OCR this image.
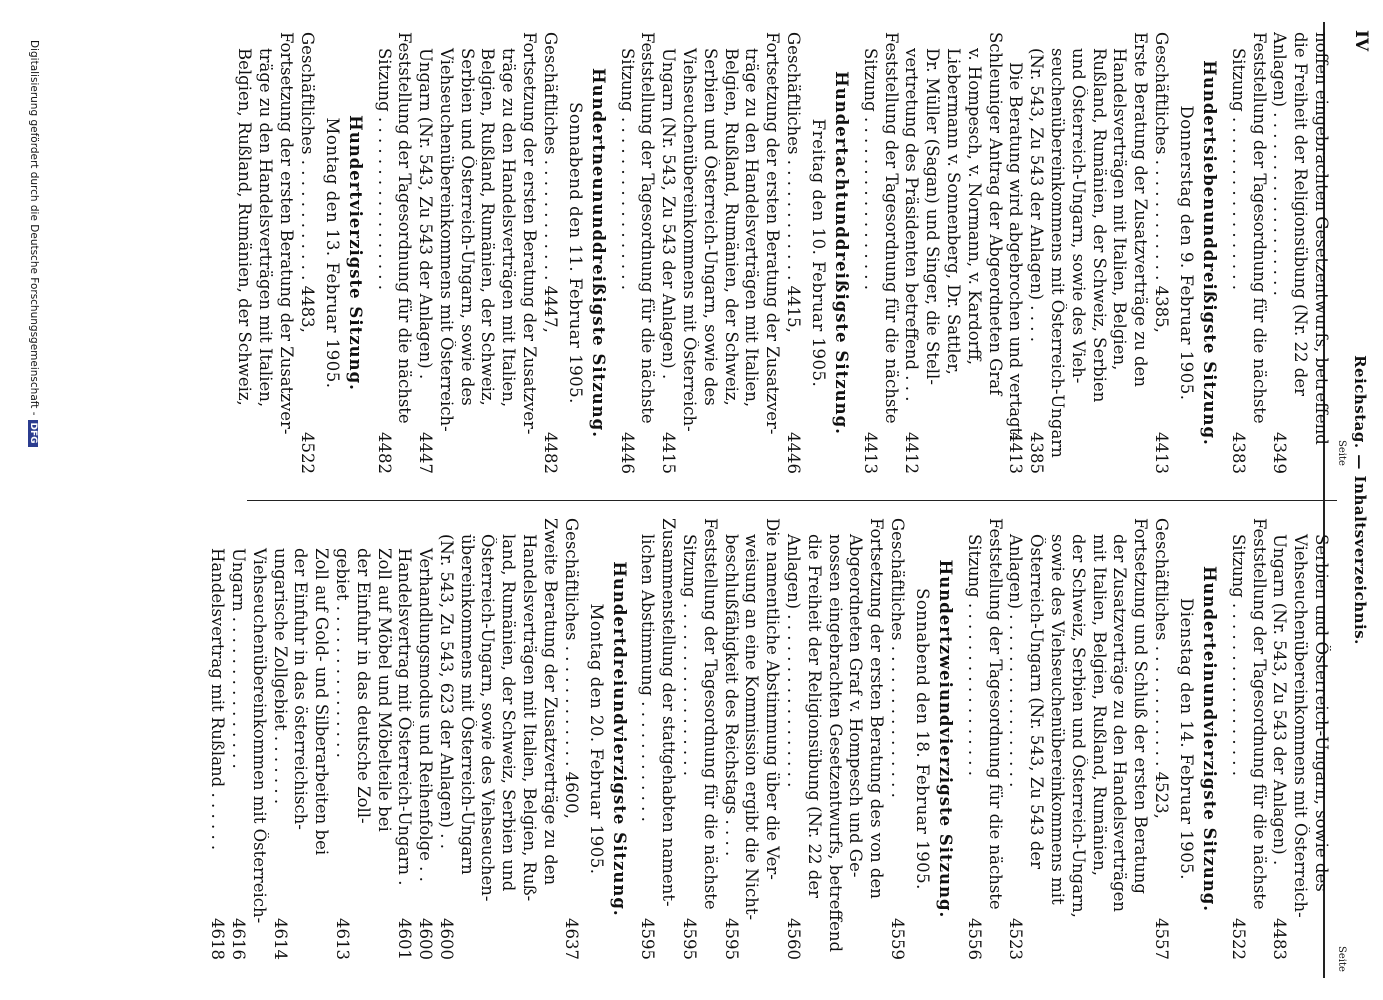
IV
Reichstag. — Inhaltsverzeichnis.
Seite
Seite
noffen eingebrachten Gesetzentwurfs, betreffend
die Freiheit der Religionsübung (Nr. 22 der
Anlagen) . . . . . . . . . . . . . . . . . .
4349
Feststellung der Tagesordnung für die nächste
Sitzung . . . . . . . . . . . . . . . . .
4383
Hundertsiebenunddreißigste Sitzung.
Donnerstag den 9. Februar 1905.
Geschäftliches . . . . . . . . . . . . 4385,
4413
Erste Beratung der Zusatzverträge zu den
Handelsverträgen mit Italien, Belgien,
Rußland, Rumänien, der Schweiz, Serbien
und Österreich-Ungarn, sowie des Vieh-
seuchenübereinkommens mit Österreich-Ungarn
(Nr. 543, Zu 543 der Anlagen) . . . .
4385
Die Beratung wird abgebrochen und vertagt:
4413
Schleuniger Antrag der Abgeordneten Graf
v. Hompesch, v. Normann, v. Kardorff,
Liebermann v. Sonnenberg, Dr. Sattler,
Dr. Müller (Sagan) und Singer, die Stell-
vertretung des Präsidenten betreffend . . .
4412
Feststellung der Tagesordnung für die nächste
Sitzung . . . . . . . . . . . . . . . . .
4413
Hundertachtunddreißigste Sitzung.
Freitag den 10. Februar 1905.
Geschäftliches . . . . . . . . . . . . 4415,
4446
Fortsetzung der ersten Beratung der Zusatzver-
träge zu den Handelsverträgen mit Italien,
Belgien, Rußland, Rumänien, der Schweiz,
Serbien und Österreich-Ungarn, sowie des
Viehseuchenübereinkommens mit Österreich-
Ungarn (Nr. 543, Zu 543 der Anlagen) .
4415
Feststellung der Tagesordnung für die nächste
Sitzung . . . . . . . . . . . . . . . . .
4446
Hundertneununddreißigste Sitzung.
Sonnabend den 11. Februar 1905.
Geschäftliches . . . . . . . . . . . . 4447,
4482
Fortsetzung der ersten Beratung der Zusatzver-
träge zu den Handelsverträgen mit Italien,
Belgien, Rußland, Rumänien, der Schweiz,
Serbien und Österreich-Ungarn, sowie des
Viehseuchenübereinkommens mit Österreich-
Ungarn (Nr. 543, Zu 543 der Anlagen) .
4447
Feststellung der Tagesordnung für die nächste
Sitzung . . . . . . . . . . . . . . . . .
4482
Hundertvierzigste Sitzung.
Montag den 13. Februar 1905.
Geschäftliches . . . . . . . . . . . . 4483,
4522
Fortsetzung der ersten Beratung der Zusatzver-
träge zu den Handelsverträgen mit Italien,
Belgien, Rußland, Rumänien, der Schweiz,
Serbien und Österreich-Ungarn, sowie des
Viehseuchenübereinkommens mit Österreich-
Ungarn (Nr. 543, Zu 543 der Anlagen) .
4483
Feststellung der Tagesordnung für die nächste
Sitzung . . . . . . . . . . . . . . . . .
4522
Hunderteinundvierzigste Sitzung.
Dienstag den 14. Februar 1905.
Geschäftliches . . . . . . . . . . . . 4523,
4557
Fortsetzung und Schluß der ersten Beratung
der Zusatzverträge zu den Handelsverträgen
mit Italien, Belgien, Rußland, Rumänien,
der Schweiz, Serbien und Österreich-Ungarn,
sowie des Viehseuchenübereinkommens mit
Österreich-Ungarn (Nr. 543, Zu 543 der
Anlagen) . . . . . . . . . . . . . . . . .
4523
Feststellung der Tagesordnung für die nächste
Sitzung . . . . . . . . . . . . . . . . .
4556
Hundertzweiundvierzigste Sitzung.
Sonnabend den 18. Februar 1905.
Geschäftliches . . . . . . . . . . . . . . .
4559
Fortsetzung der ersten Beratung des von den
Abgeordneten Graf v. Hompesch und Ge-
nossen eingebrachten Gesetzentwurfs, betreffend
die Freiheit der Religionsübung (Nr. 22 der
Anlagen) . . . . . . . . . . . . . . . . .
4560
Die namentliche Abstimmung über die Ver-
weisung an eine Kommission ergibt die Nicht-
beschlußfähigkeit des Reichstags . . . .
4595
Feststellung der Tagesordnung für die nächste
Sitzung . . . . . . . . . . . . . . . . .
4595
Zusammenstellung der stattgehabten nament-
lichen Abstimmung . . . . . . . . . . . .
4595
Hundertdreiundvierzigste Sitzung.
Montag den 20. Februar 1905.
Geschäftliches . . . . . . . . . . . . 4600,
4637
Zweite Beratung der Zusatzverträge zu den
Handelsverträgen mit Italien, Belgien, Ruß-
land, Rumänien, der Schweiz, Serbien und
Österreich-Ungarn, sowie des Viehseuchen-
übereinkommens mit Österreich-Ungarn
(Nr. 543, Zu 543, 623 der Anlagen) . .
4600
Verhandlungsmodus und Reihenfolge . .
4600
Handelsvertrag mit Österreich-Ungarn .
4601
Zoll auf Möbel und Möbelteile bei
der Einfuhr in das deutsche Zoll-
gebiet . . . . . . . . . . . . . . .
4613
Zoll auf Gold- und Silberarbeiten bei
der Einfuhr in das österreichisch-
ungarische Zollgebiet . . . . . . .
4614
Viehseuchenübereinkommen mit Österreich-
Ungarn . . . . . . . . . . . . . . .
4616
Handelsvertrag mit Rußland . . . . . .
4618
Digitalisierung gefördert durch die Deutsche Forschungsgemeinschaft -DFG
